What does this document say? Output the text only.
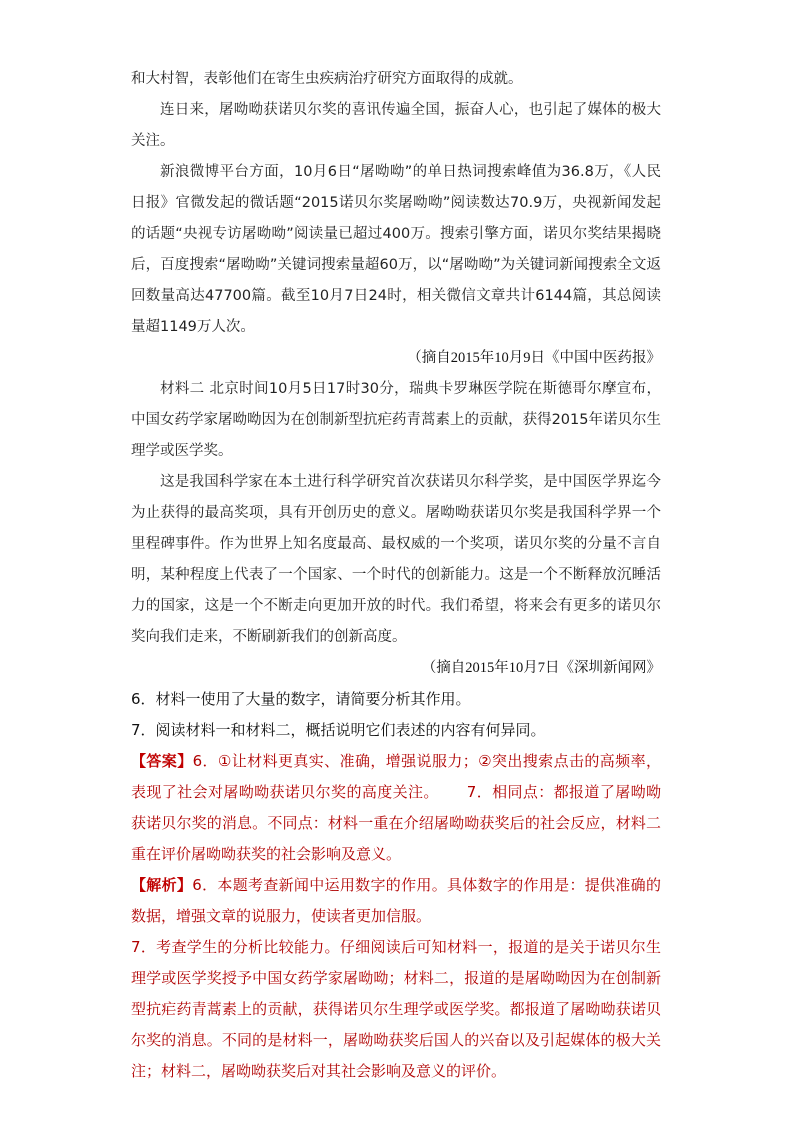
和大村智，表彰他们在寄生虫疾病治疗研究方面取得的成就。

连日来，屠呦呦获诺贝尔奖的喜讯传遍全国，振奋人心，也引起了媒体的极大关注。

新浪微博平台方面，10月6日“屠呦呦”的单日热词搜索峰值为36.8万，《人民日报》官微发起的微话题“2015诺贝尔奖屠呦呦”阅读数达70.9万，央视新闻发起的话题“央视专访屠呦呦”阅读量已超过400万。搜索引擎方面，诺贝尔奖结果揭晓后，百度搜索“屠呦呦”关键词搜索量超60万，以“屠呦呦”为关键词新闻搜索全文返回数量高达47700篇。截至10月7日24时，相关微信文章共计6144篇，其总阅读量超1149万人次。

（摘自2015年10月9日《中国中医药报》

材料二 北京时间10月5日17时30分，瑞典卡罗琳医学院在斯德哥尔摩宣布，中国女药学家屠呦呦因为在创制新型抗疟药青蒿素上的贡献，获得2015年诺贝尔生理学或医学奖。

这是我国科学家在本土进行科学研究首次获诺贝尔科学奖，是中国医学界迄今为止获得的最高奖项，具有开创历史的意义。屠呦呦获诺贝尔奖是我国科学界一个里程碑事件。作为世界上知名度最高、最权威的一个奖项，诺贝尔奖的分量不言自明，某种程度上代表了一个国家、一个时代的创新能力。这是一个不断释放沉睡活力的国家，这是一个不断走向更加开放的时代。我们希望，将来会有更多的诺贝尔奖向我们走来，不断刷新我们的创新高度。

（摘自2015年10月7日《深圳新闻网》

6．材料一使用了大量的数字，请简要分析其作用。

7．阅读材料一和材料二，概括说明它们表述的内容有何异同。

【答案】6．①让材料更真实、准确，增强说服力；②突出搜索点击的高频率，表现了社会对屠呦呦获诺贝尔奖的高度关注。 7．相同点：都报道了屠呦呦获诺贝尔奖的消息。不同点：材料一重在介绍屠呦呦获奖后的社会反应，材料二重在评价屠呦呦获奖的社会影响及意义。

【解析】6．本题考查新闻中运用数字的作用。具体数字的作用是：提供准确的数据，增强文章的说服力，使读者更加信服。

7．考查学生的分析比较能力。仔细阅读后可知材料一，报道的是关于诺贝尔生理学或医学奖授予中国女药学家屠呦呦；材料二，报道的是屠呦呦因为在创制新型抗疟药青蒿素上的贡献，获得诺贝尔生理学或医学奖。都报道了屠呦呦获诺贝尔奖的消息。不同的是材料一，屠呦呦获奖后国人的兴奋以及引起媒体的极大关注；材料二，屠呦呦获奖后对其社会影响及意义的评价。
